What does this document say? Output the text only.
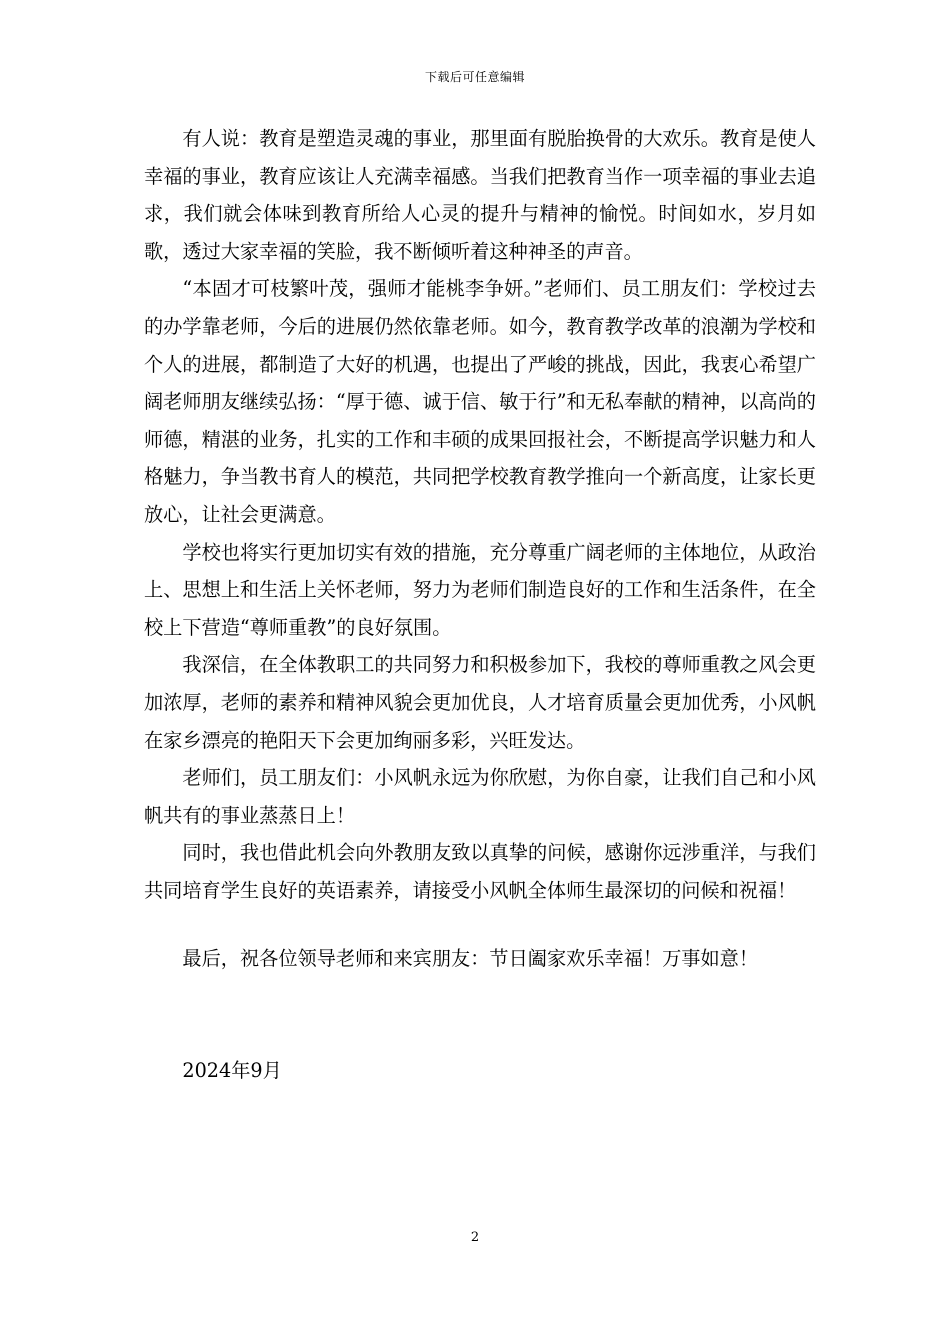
下载后可任意编辑

有人说：教育是塑造灵魂的事业，那里面有脱胎换骨的大欢乐。教育是使人幸福的事业，教育应该让人充满幸福感。当我们把教育当作一项幸福的事业去追求，我们就会体味到教育所给人心灵的提升与精神的愉悦。时间如水，岁月如歌，透过大家幸福的笑脸，我不断倾听着这种神圣的声音。

“本固才可枝繁叶茂，强师才能桃李争妍。”老师们、员工朋友们：学校过去的办学靠老师，今后的进展仍然依靠老师。如今，教育教学改革的浪潮为学校和个人的进展，都制造了大好的机遇，也提出了严峻的挑战，因此，我衷心希望广阔老师朋友继续弘扬：“厚于德、诚于信、敏于行”和无私奉献的精神，以高尚的师德，精湛的业务，扎实的工作和丰硕的成果回报社会，不断提高学识魅力和人格魅力，争当教书育人的模范，共同把学校教育教学推向一个新高度，让家长更放心，让社会更满意。

学校也将实行更加切实有效的措施，充分尊重广阔老师的主体地位，从政治上、思想上和生活上关怀老师，努力为老师们制造良好的工作和生活条件，在全校上下营造“尊师重教”的良好氛围。

我深信，在全体教职工的共同努力和积极参加下，我校的尊师重教之风会更加浓厚，老师的素养和精神风貌会更加优良，人才培育质量会更加优秀，小风帆在家乡漂亮的艳阳天下会更加绚丽多彩，兴旺发达。

老师们，员工朋友们：小风帆永远为你欣慰，为你自豪，让我们自己和小风帆共有的事业蒸蒸日上！

同时，我也借此机会向外教朋友致以真挚的问候，感谢你远涉重洋，与我们共同培育学生良好的英语素养，请接受小风帆全体师生最深切的问候和祝福！

最后，祝各位领导老师和来宾朋友：节日阖家欢乐幸福！万事如意！

2024年9月

2
